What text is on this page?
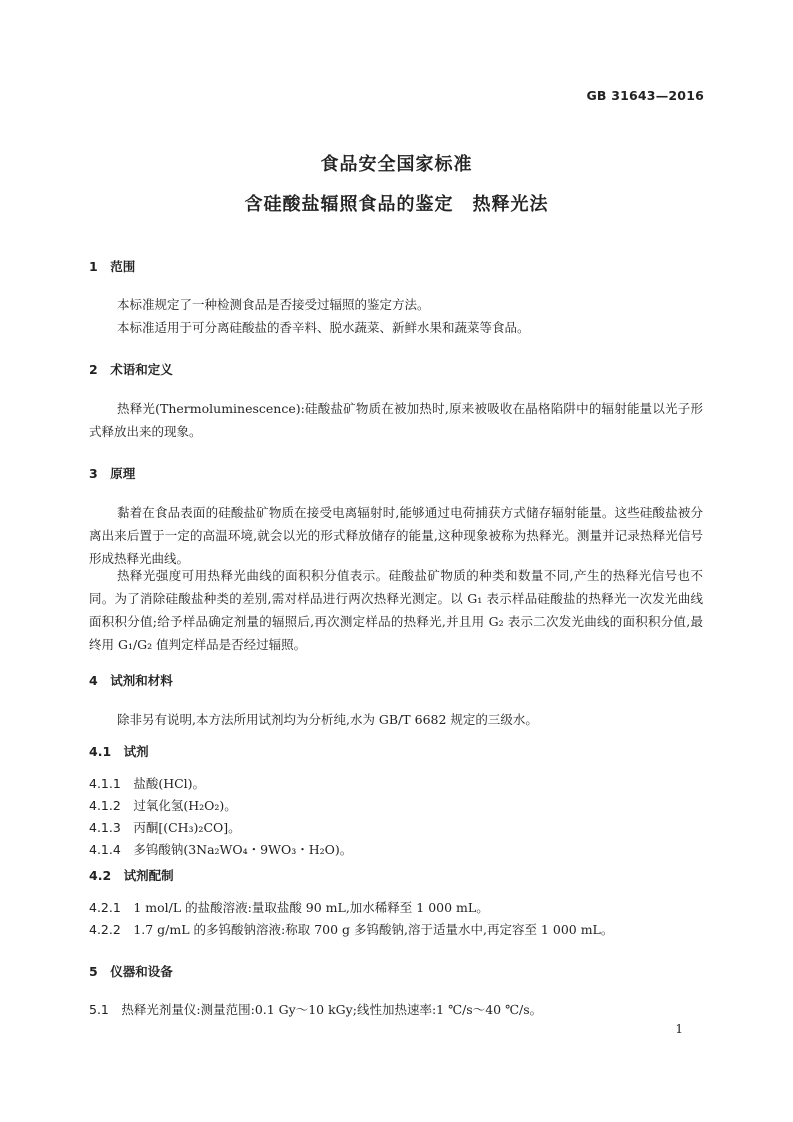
GB 31643—2016
食品安全国家标准
含硅酸盐辐照食品的鉴定　热释光法
1　范围
本标准规定了一种检测食品是否接受过辐照的鉴定方法。
本标准适用于可分离硅酸盐的香辛料、脱水蔬菜、新鲜水果和蔬菜等食品。
2　术语和定义
热释光(Thermoluminescence):硅酸盐矿物质在被加热时,原来被吸收在晶格陷阱中的辐射能量以光子形式释放出来的现象。
3　原理
黏着在食品表面的硅酸盐矿物质在接受电离辐射时,能够通过电荷捕获方式储存辐射能量。这些硅酸盐被分离出来后置于一定的高温环境,就会以光的形式释放储存的能量,这种现象被称为热释光。测量并记录热释光信号形成热释光曲线。
热释光强度可用热释光曲线的面积积分值表示。硅酸盐矿物质的种类和数量不同,产生的热释光信号也不同。为了消除硅酸盐种类的差别,需对样品进行两次热释光测定。以 G₁ 表示样品硅酸盐的热释光一次发光曲线面积积分值;给予样品确定剂量的辐照后,再次测定样品的热释光,并且用 G₂ 表示二次发光曲线的面积积分值,最终用 G₁/G₂ 值判定样品是否经过辐照。
4　试剂和材料
除非另有说明,本方法所用试剂均为分析纯,水为 GB/T 6682 规定的三级水。
4.1　试剂
4.1.1　 盐酸(HCl)。
4.1.2　 过氧化氢(H₂O₂)。
4.1.3　 丙酮[(CH₃)₂CO]。
4.1.4　 多钨酸钠(3Na₂WO₄・9WO₃・H₂O)。
4.2　试剂配制
4.2.1　 1 mol/L 的盐酸溶液:量取盐酸 90 mL,加水稀释至 1 000 mL。
4.2.2　 1.7 g/mL 的多钨酸钠溶液:称取 700 g 多钨酸钠,溶于适量水中,再定容至 1 000 mL。
5　仪器和设备
5.1　 热释光剂量仪:测量范围:0.1 Gy～10 kGy;线性加热速率:1 ℃/s～40 ℃/s。
1
